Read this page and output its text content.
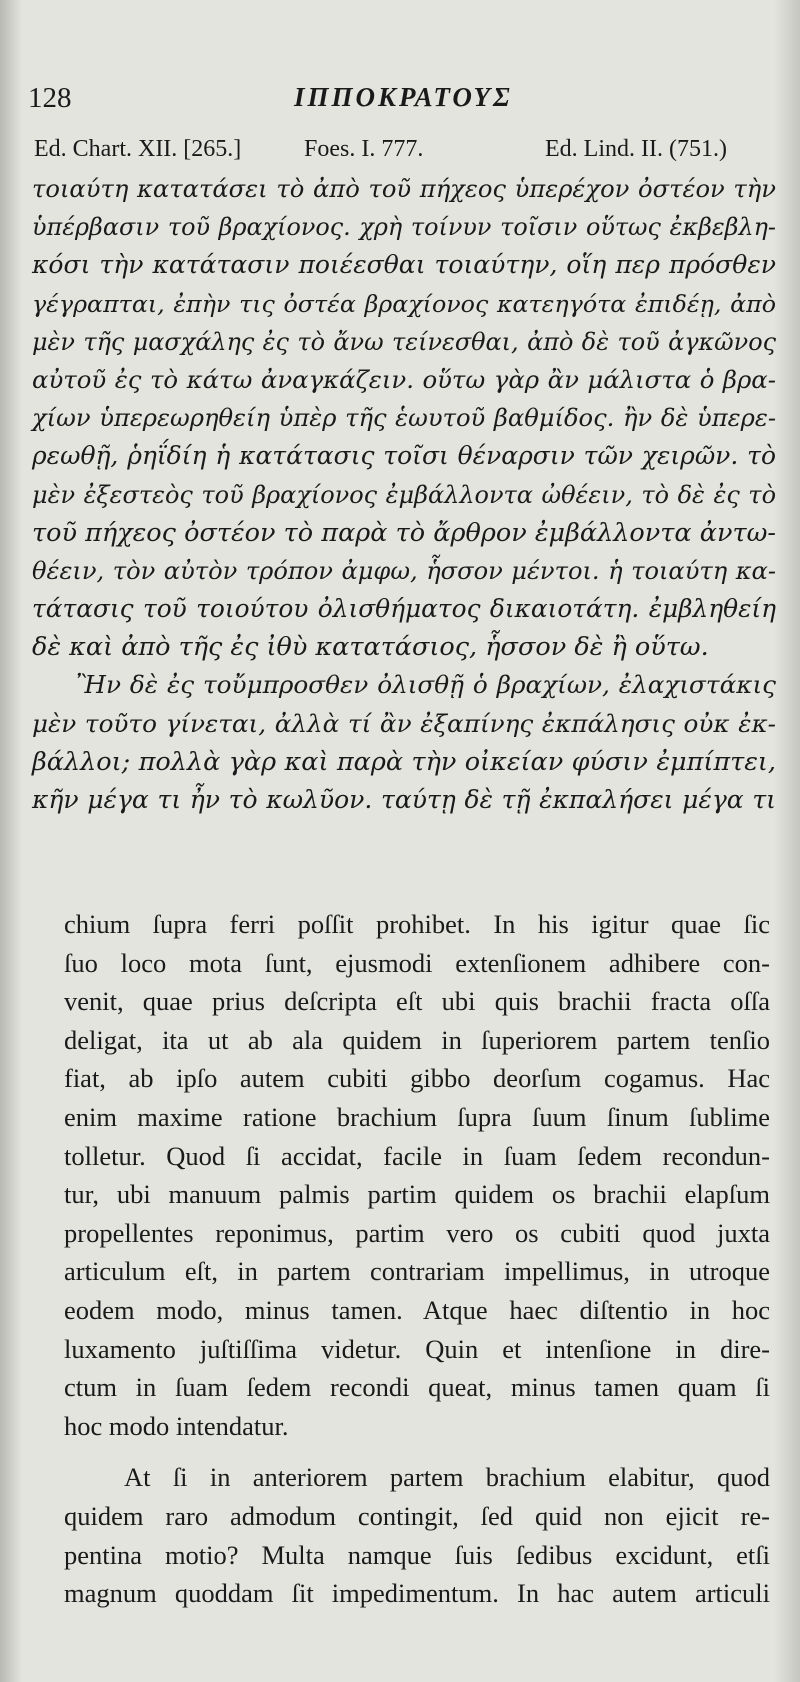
128	ΙΠΠΟΚΡΑΤΟΥΣ
Ed. Chart. XII. [265.]	Foes. I. 777.	Ed. Lind. II. (751.)
τοιαύτη κατατάσει τὸ ἀπὸ τοῦ πήχεος ὑπερέχον ὀστέον τὴν
ὑπέρβασιν τοῦ βραχίονος. χρὴ τοίνυν τοῖσιν οὕτως ἐκβεβλη-
κόσι τὴν κατάτασιν ποιέεσθαι τοιαύτην, οἵη περ πρόσθεν
γέγραπται, ἐπὴν τις ὀστέα βραχίονος κατεηγότα ἐπιδέῃ, ἀπὸ
μὲν τῆς μασχάλης ἐς τὸ ἄνω τείνεσθαι, ἀπὸ δὲ τοῦ ἀγκῶνος
αὐτοῦ ἐς τὸ κάτω ἀναγκάζειν. οὕτω γὰρ ἂν μάλιστα ὁ βρα-
χίων ὑπερεωρηθείη ὑπὲρ τῆς ἑωυτοῦ βαθμίδος. ἢν δὲ ὑπερε-
ρεωθῇ, ῥηΐδίη ἡ κατάτασις τοῖσι θέναρσιν τῶν χειρῶν. τὸ
μὲν ἐξεστεὸς τοῦ βραχίονος ἐμβάλλοντα ὠθέειν, τὸ δὲ ἐς τὸ
τοῦ πήχεος ὀστέον τὸ παρὰ τὸ ἄρθρον ἐμβάλλοντα ἀντω-
θέειν, τὸν αὐτὸν τρόπον ἀμφω, ἧσσον μέντοι. ἡ τοιαύτη κα-
τάτασις τοῦ τοιούτου ὀλισθήματος δικαιοτάτη. ἐμβληθείη
δὲ καὶ ἀπὸ τῆς ἐς ἰθὺ κατατάσιος, ἧσσον δὲ ἢ οὕτω.
Ἢν δὲ ἐς τοὔμπροσθεν ὀλισθῇ ὁ βραχίων, ἐλαχιστάκις
μὲν τοῦτο γίνεται, ἀλλὰ τί ἂν ἐξαπίνης ἐκπάλησις οὐκ ἐκ-
βάλλοι; πολλὰ γὰρ καὶ παρὰ τὴν οἰκείαν φύσιν ἐμπίπτει,
κῆν μέγα τι ἦν τὸ κωλῦον. ταύτῃ δὲ τῇ ἐκπαλήσει μέγα τι
chium ſupra ferri poſſit prohibet. In his igitur quae ſic
ſuo loco mota ſunt, ejusmodi extenſionem adhibere con-
venit, quae prius deſcripta eſt ubi quis brachii fracta oſſa
deligat, ita ut ab ala quidem in ſuperiorem partem tenſio
fiat, ab ipſo autem cubiti gibbo deorſum cogamus. Hac
enim maxime ratione brachium ſupra ſuum ſinum ſublime
tolletur. Quod ſi accidat, facile in ſuam ſedem recondun-
tur, ubi manuum palmis partim quidem os brachii elapſum
propellentes reponimus, partim vero os cubiti quod juxta
articulum eſt, in partem contrariam impellimus, in utroque
eodem modo, minus tamen. Atque haec diſtentio in hoc
luxamento juſtiſſima videtur. Quin et intenſione in dire-
ctum in ſuam ſedem recondi queat, minus tamen quam ſi
hoc modo intendatur.
At ſi in anteriorem partem brachium elabitur, quod
quidem raro admodum contingit, ſed quid non ejicit re-
pentina motio? Multa namque ſuis ſedibus excidunt, etſi
magnum quoddam ſit impedimentum. In hac autem articuli
